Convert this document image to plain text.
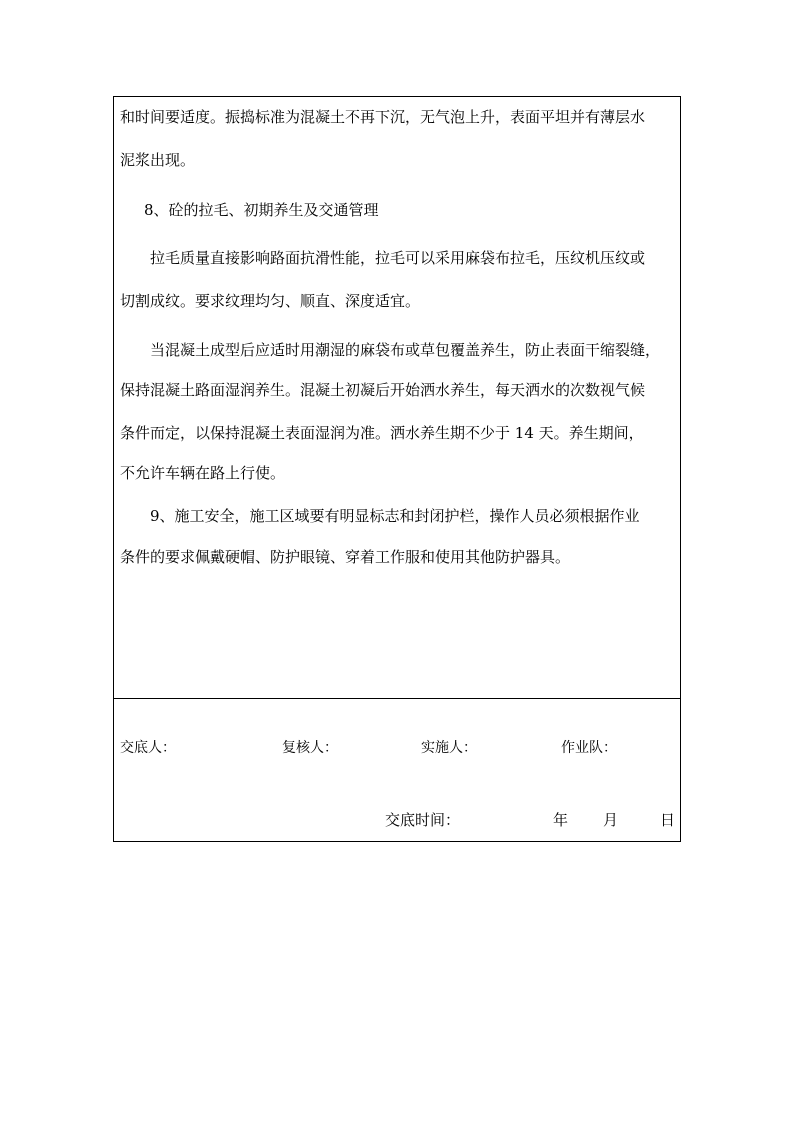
和时间要适度。振捣标准为混凝土不再下沉，无气泡上升，表面平坦并有薄层水
泥浆出现。
8、砼的拉毛、初期养生及交通管理
拉毛质量直接影响路面抗滑性能，拉毛可以采用麻袋布拉毛，压纹机压纹或
切割成纹。要求纹理均匀、顺直、深度适宜。
当混凝土成型后应适时用潮湿的麻袋布或草包覆盖养生，防止表面干缩裂缝，
保持混凝土路面湿润养生。混凝土初凝后开始洒水养生，每天洒水的次数视气候
条件而定，以保持混凝土表面湿润为准。洒水养生期不少于 14 天。养生期间，
不允许车辆在路上行使。
9、施工安全，施工区域要有明显标志和封闭护栏，操作人员必须根据作业
条件的要求佩戴硬帽、防护眼镜、穿着工作服和使用其他防护器具。
交底人：	复核人：	实施人：	作业队：
交底时间：	年 月	日
